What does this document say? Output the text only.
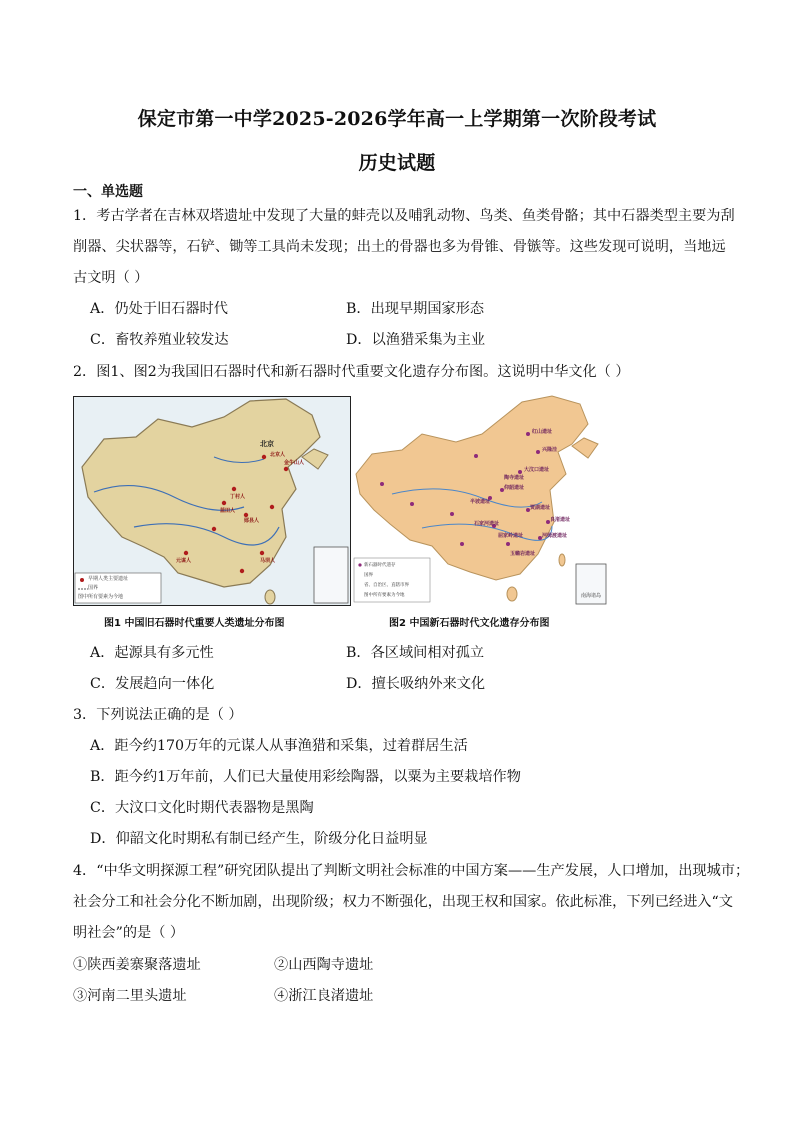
保定市第一中学2025-2026学年高一上学期第一次阶段考试
历史试题
一、单选题
1．考古学者在吉林双塔遗址中发现了大量的蚌壳以及哺乳动物、鸟类、鱼类骨骼；其中石器类型主要为刮
削器、尖状器等，石铲、锄等工具尚未发现；出土的骨器也多为骨锥、骨镞等。这些发现可说明，当地远
古文明（ ）
A．仍处于旧石器时代	B．出现早期国家形态
C．畜牧养殖业较发达	D．以渔猎采集为主业
2．图1、图2为我国旧石器时代和新石器时代重要文化遗存分布图。这说明中华文化（ ）
早期人类主要遗址
国界
图中所有要素为今地
北京
金牛山人
丁村人
北京人
蓝田人
郧县人
马坝人
元谋人
图1 中国旧石器时代重要人类遗址分布图
红山遗址
兴隆洼
大汶口遗址
半坡遗址
仰韶遗址
良渚遗址
河姆渡遗址
石家河遗址
屈家岭遗址
玉蟾岩遗址
贾湖遗址
陶寺遗址
新石器时代遗存
国界
省、自治区、直辖市界
图中所有要素为今地	南海诸岛
图2 中国新石器时代文化遗存分布图
A．起源具有多元性	B．各区域间相对孤立
C．发展趋向一体化	D．擅长吸纳外来文化
3．下列说法正确的是（ ）
A．距今约170万年的元谋人从事渔猎和采集，过着群居生活
B．距今约1万年前，人们已大量使用彩绘陶器，以粟为主要栽培作物
C．大汶口文化时期代表器物是黑陶
D．仰韶文化时期私有制已经产生，阶级分化日益明显
4．“中华文明探源工程”研究团队提出了判断文明社会标准的中国方案——生产发展，人口增加，出现城市；
社会分工和社会分化不断加剧，出现阶级；权力不断强化，出现王权和国家。依此标准，下列已经进入“文
明社会”的是（ ）
①陕西姜寨聚落遗址	②山西陶寺遗址
③河南二里头遗址	④浙江良渚遗址
